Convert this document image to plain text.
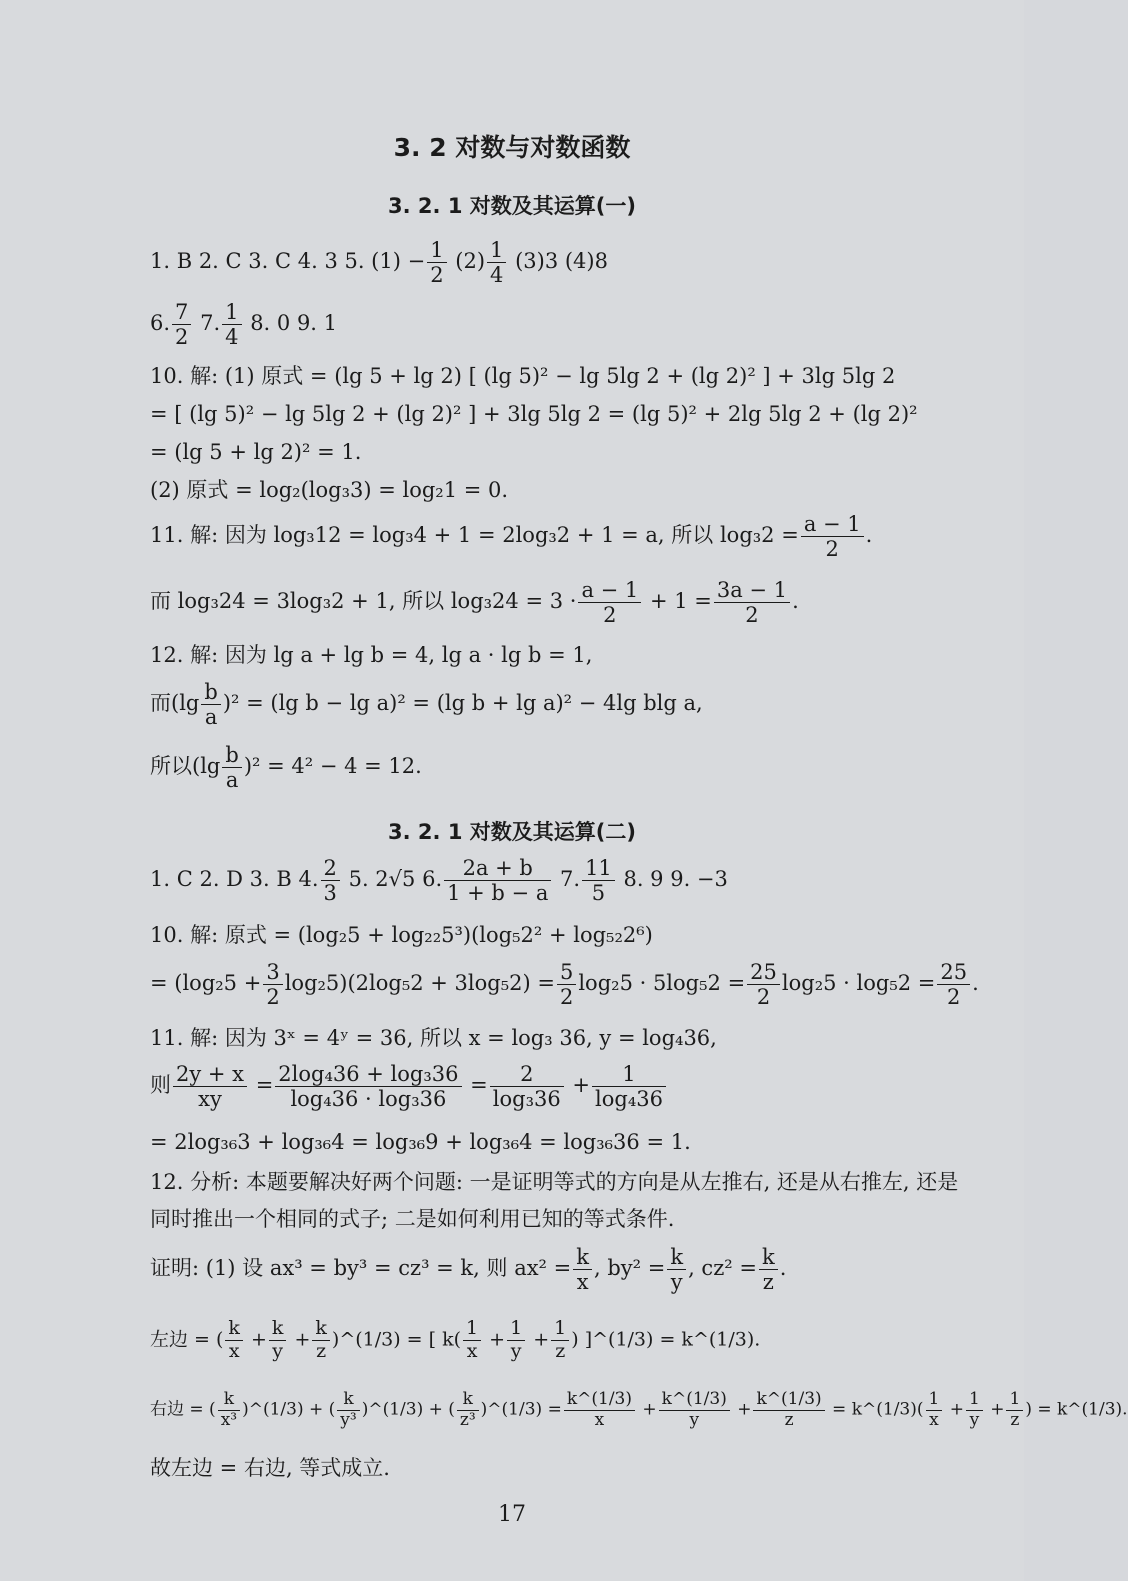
3. 2 对数与对数函数
3. 2. 1 对数及其运算(一)
1. B 2. C 3. C 4. 3 5. $(1) - \frac{1}{2} (2) \frac{1}{4} (3)3$ (4)8
6. $\frac{7}{2} 7$. $\frac{1}{4} 8$. 0 9. 1
10. 解: (1) 原式 = (lg 5 + lg 2) [ (lg 5)² − lg 5lg 2 + (lg 2)² ] + 3lg 5lg 2
= [ (lg 5)² − lg 5lg 2 + (lg 2)² ] + 3lg 5lg 2 = (lg 5)² + 2lg 5lg 2 + (lg 2)²
= (lg 5 + lg 2)² = 1.
(2) 原式 = log₂(log₃3) = log₂1 = 0.
11. 解: 因为 log₃12 = log₃4 + 1 = 2log₃2 + 1 = a, 所以 $\log_32 = \frac{a - 1}{2}$ .
而 log₃24 = 3log₃2 + 1, 所以 $\log_324 = 3 \cdot \frac{a - 1}{2} + 1 = \frac{3a - 1}{2}$ .
12. 解: 因为 lg a + lg b = 4, lg a · lg b = 1,
而$(\lg \frac{b}{a} )^2 = (\lg$ b − lg a)² = (lg b + lg a)² − 4lg blg a,
所以$(\lg \frac{b}{a} )^2 = 4^2 - 4 = 12$.
3. 2. 1 对数及其运算(二)
1. C 2. D 3. B 4. $\frac{2}{3} 5$. 2√5 6. $\frac{2a + b}{1 + b - a} 7$. $\frac{11}{5} 8$. 9 9. −3
10. 解: 原式 = (log₂5 + log₂₂5³)(log₅2² + log₅₂2⁶)
= $(\log_25 + \frac{3}{2} \log_25)(2\log_52 + 3\log_52) = \frac{5}{2} \log_25 \cdot 5\log_52 = \frac{25}{2} \log_25 \cdot \log_52 = \frac{25}{2}$ .
11. 解: 因为 3ˣ = 4ʸ = 36, 所以 x = log₃ 36, y = log₄36,
则 $\frac{2y + x}{xy} = \frac{\text{2log₄36 + log₃36}}{\text{log₄36 · log₃36}} = \frac{2}{\text{log₃36}} + \frac{1}{\text{log₄36}}$
= 2log₃₆3 + log₃₆4 = log₃₆9 + log₃₆4 = log₃₆36 = 1.
12. 分析: 本题要解决好两个问题: 一是证明等式的方向是从左推右, 还是从右推左, 还是同时推出一个相同的式子; 二是如何利用已知的等式条件.
证明: (1) 设 ax³ = by³ = cz³ = k, 则 $ax^2 = \frac{k}{x}$ , $by^2 = \frac{k}{y}$ , $cz^2 = \frac{k}{z}$ .
左边 = ( $\frac{k}{x} + \frac{k}{y} + \frac{k}{z}$ )^(1/3) = [ $k( \frac{1}{x} + \frac{1}{y} + \frac{1}{z}$ ) ]^(1/3) = k^(1/3).
右边 = ( $\frac{k}{\text{x³}}$ )^(1/3) + ( $\frac{k}{\text{y³}}$ )^(1/3) + ( $\frac{k}{\text{z³}}$ )^(1/3) = $\frac{k\^{}(1/3)}{x} + \frac{k\^{}(1/3)}{y} + \frac{k\^{}(1/3)}{z}$ = k^(1/3)( $\frac{1}{x} + \frac{1}{y} + \frac{1}{z}$ ) = k^(1/3).
故左边 = 右边, 等式成立.
17
